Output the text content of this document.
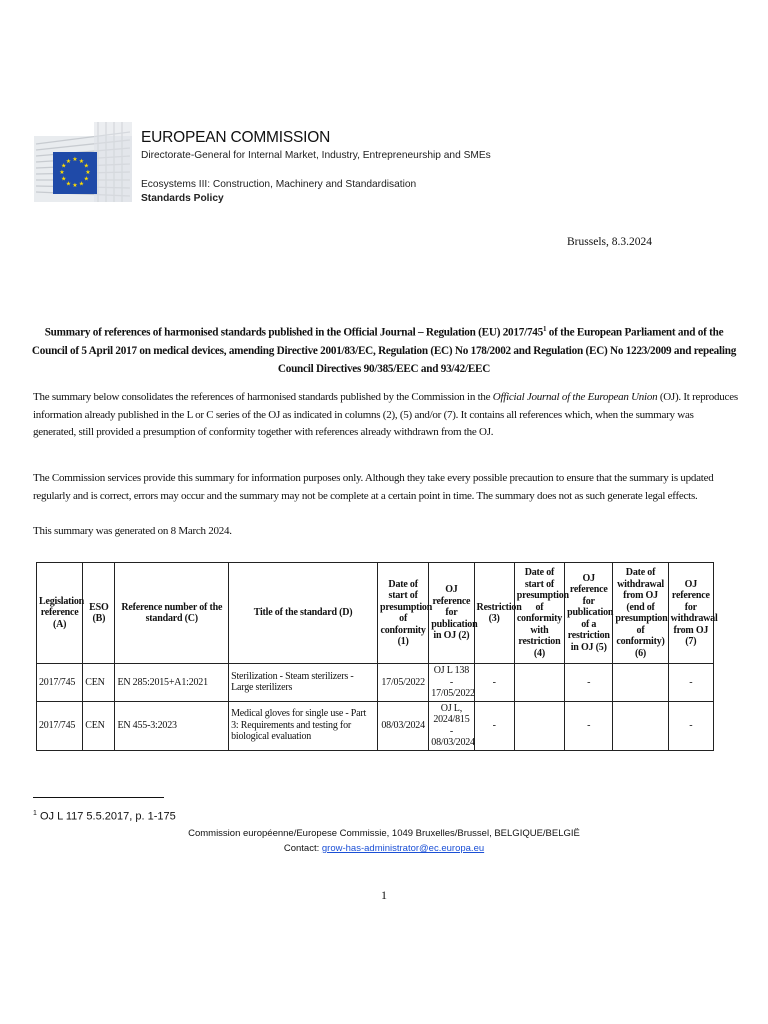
★ ★
★
★
★
★
★
★
★
★
★
★
EUROPEAN COMMISSION
Directorate-General for Internal Market, Industry, Entrepreneurship and SMEs
Ecosystems III: Construction, Machinery and Standardisation
Standards Policy
Brussels, 8.3.2024
Summary of references of harmonised standards published in the Official Journal – Regulation (EU) $2017/745^1$ of the European Parliament and of the Council of 5 April 2017 on medical devices, amending Directive 2001/83/EC, Regulation (EC) No 178/2002 and Regulation (EC) No 1223/2009 and repealing Council Directives 90/385/EEC and 93/42/EEC
The summary below consolidates the references of harmonised standards published by the Commission in the Official Journal of the European Union (OJ). It reproduces information already published in the L or C series of the OJ as indicated in columns (2), (5) and/or (7). It contains all references which, when the summary was generated, still provided a presumption of conformity together with references already withdrawn from the OJ.
The Commission services provide this summary for information purposes only. Although they take every possible precaution to ensure that the summary is updated regularly and is correct, errors may occur and the summary may not be complete at a certain point in time. The summary does not as such generate legal effects.
This summary was generated on 8 March 2024.
Legislation reference (A)	ESO (B)	Reference number of the standard (C)	Title of the standard (D)	Date of start of presumption of conformity (1)	OJ reference for publication in OJ (2)	Restriction (3)	Date of start of presumption of conformity with restriction (4)	OJ reference for publication of a restriction in OJ (5)	Date of withdrawal from OJ (end of presumption of conformity) (6)	OJ reference for withdrawal from OJ (7)
2017/745	CEN	EN 285:2015+A1:2021	Sterilization - Steam sterilizers - Large sterilizers	17/05/2022	OJ L 138 - 17/05/2022	-		-		-
2017/745	CEN	EN 455-3:2023	Medical gloves for single use - Part 3: Requirements and testing for biological evaluation	08/03/2024	OJ L, 2024/815 - 08/03/2024	-		-		-
$^1$ OJ L 117 5.5.2017, p. 1-175
Commission européenne/Europese Commissie, 1049 Bruxelles/Brussel, BELGIQUE/BELGIË
Contact: grow-has-administrator@ec.europa.eu
1
